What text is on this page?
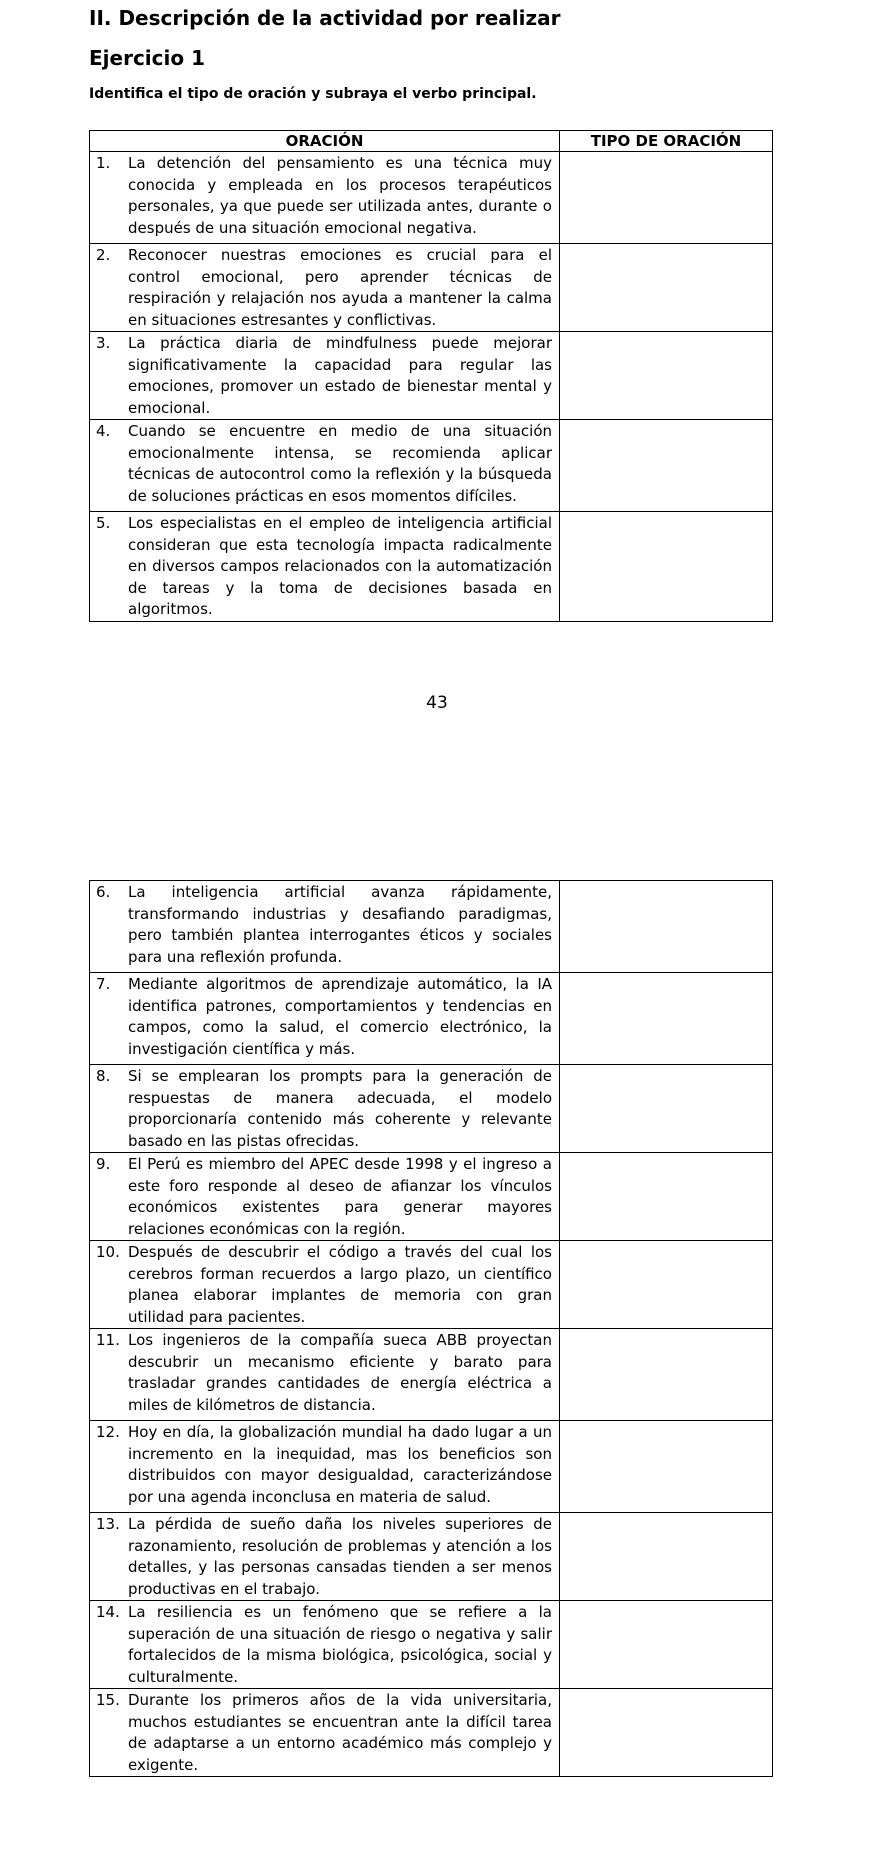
II. Descripción de la actividad por realizar
Ejercicio 1
Identifica el tipo de oración y subraya el verbo principal.
ORACIÓN	TIPO DE ORACIÓN

1. La detención del pensamiento es una técnica muy conocida y empleada en los procesos terapéuticos personales, ya que puede ser utilizada antes, durante o después de una situación emocional negativa.	

2. Reconocer nuestras emociones es crucial para el control emocional, pero aprender técnicas de respiración y relajación nos ayuda a mantener la calma en situaciones estresantes y conflictivas.	

3. La práctica diaria de mindfulness puede mejorar significativamente la capacidad para regular las emociones, promover un estado de bienestar mental y emocional.	

4. Cuando se encuentre en medio de una situación emocionalmente intensa, se recomienda aplicar técnicas de autocontrol como la reflexión y la búsqueda de soluciones prácticas en esos momentos difíciles.	

5. Los especialistas en el empleo de inteligencia artificial consideran que esta tecnología impacta radicalmente en diversos campos relacionados con la automatización de tareas y la toma de decisiones basada en algoritmos.	

43
6. La inteligencia artificial avanza rápidamente, transformando industrias y desafiando paradigmas, pero también plantea interrogantes éticos y sociales para una reflexión profunda.	

7. Mediante algoritmos de aprendizaje automático, la IA identifica patrones, comportamientos y tendencias en campos, como la salud, el comercio electrónico, la investigación científica y más.	

8. Si se emplearan los prompts para la generación de respuestas de manera adecuada, el modelo proporcionaría contenido más coherente y relevante basado en las pistas ofrecidas.	

9. El Perú es miembro del APEC desde 1998 y el ingreso a este foro responde al deseo de afianzar los vínculos económicos existentes para generar mayores relaciones económicas con la región.	

10. Después de descubrir el código a través del cual los cerebros forman recuerdos a largo plazo, un científico planea elaborar implantes de memoria con gran utilidad para pacientes.	

11. Los ingenieros de la compañía sueca ABB proyectan descubrir un mecanismo eficiente y barato para trasladar grandes cantidades de energía eléctrica a miles de kilómetros de distancia.	

12. Hoy en día, la globalización mundial ha dado lugar a un incremento en la inequidad, mas los beneficios son distribuidos con mayor desigualdad, caracterizándose por una agenda inconclusa en materia de salud.	

13. La pérdida de sueño daña los niveles superiores de razonamiento, resolución de problemas y atención a los detalles, y las personas cansadas tienden a ser menos productivas en el trabajo.	

14. La resiliencia es un fenómeno que se refiere a la superación de una situación de riesgo o negativa y salir fortalecidos de la misma biológica, psicológica, social y culturalmente.	

15. Durante los primeros años de la vida universitaria, muchos estudiantes se encuentran ante la difícil tarea de adaptarse a un entorno académico más complejo y exigente.	
